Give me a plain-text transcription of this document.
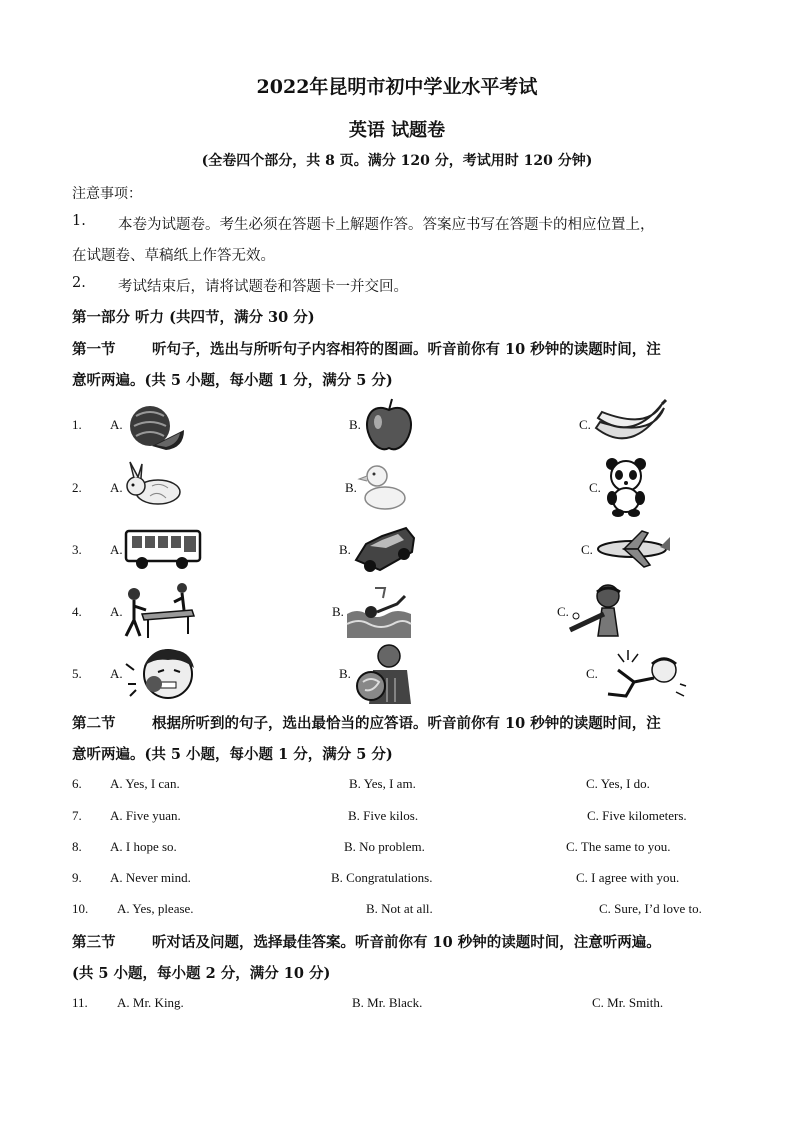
2022年昆明市初中学业水平考试
英语 试题卷
(全卷四个部分，共 8 页。满分 120 分，考试用时 120 分钟)
注意事项：
1. 本卷为试题卷。考生必须在答题卡上解题作答。答案应书写在答题卡的相应位置上，
在试题卷、草稿纸上作答无效。
2. 考试结束后，请将试题卷和答题卡一并交回。
第一部分 听力 (共四节，满分 30 分)
第一节	听句子，选出与所听句子内容相符的图画。听音前你有 10 秒钟的读题时间，注
意听两遍。(共 5 小题，每小题 1 分，满分 5 分)
1. A.	B.	C.
2. A.	B.	C.
3. A.	B.	C.
4. A.	B.	C.
5. A.	B.	C.
第二节	根据所听到的句子，选出最恰当的应答语。听音前你有 10 秒钟的读题时间，注
意听两遍。(共 5 小题，每小题 1 分，满分 5 分)
6. A. Yes, I can.	B. Yes, I am.	C. Yes, I do.
7. A. Five yuan.	B. Five kilos.	C. Five kilometers.
8. A. I hope so.	B. No problem.	C. The same to you.
9. A. Never mind.	B. Congratulations.	C. I agree with you.
10. A. Yes, please.	B. Not at all.	C. Sure, I’d love to.
第三节	听对话及问题，选择最佳答案。听音前你有 10 秒钟的读题时间，注意听两遍。
(共 5 小题，每小题 2 分，满分 10 分)
11. A. Mr. King.	B. Mr. Black.	C. Mr. Smith.
